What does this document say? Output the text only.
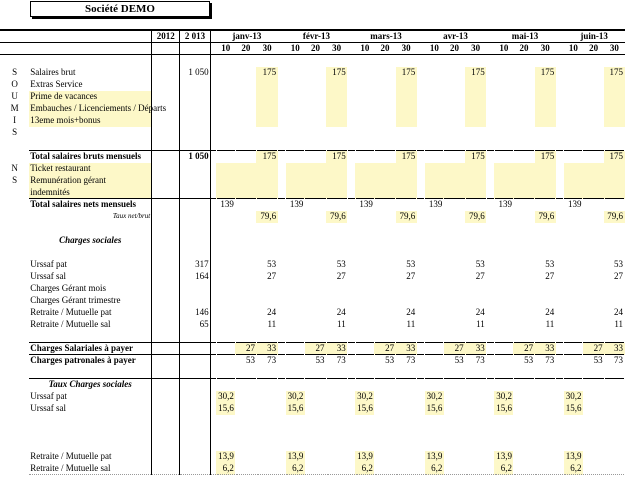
Société DEMO
		2012	2 013		janv-13				févr-13				mars-13				avr-13				mai-13				juin-13		
					10	20	30		10	20	30		10	20	30		10	20	30		10	20	30		10	20	30

S	Salaires brut		1 050				175				175				175				175				175				175
O	Extras Service																										
U	Prime de vacances																										
M	Embauches / Licenciements / Départs																										
I	13eme mois+bonus																										
S																											

	Total salaires bruts mensuels		1 050				175				175				175				175				175				175
N	Ticket restaurant																										
S	Remunération gérant																										
	indemnités																										
	Total salaires nets mensuels				139				139				139				139				139				139		
	Taux net/brut						79,6				79,6				79,6				79,6				79,6				79,6

	Charges sociales																										

	Urssaf pat		317				53				53				53				53				53				53
	Urssaf sal		164				27				27				27				27				27				27
	Charges Gérant mois																										
	Charges Gérant trimestre																										
	Retraite / Mutuelle pat		146				24				24				24				24				24				24
	Retraite / Mutuelle sal		65				11				11				11				11				11				11

	Charges Salariales à payer					27	33			27	33			27	33			27	33			27	33			27	33
	Charges patronales à payer					53	73			53	73			53	73			53	73			53	73			53	73

	Taux Charges sociales																										
	Urssaf pat				30,2				30,2				30,2				30,2				30,2				30,2		
	Urssaf sal				15,6				15,6				15,6				15,6				15,6				15,6		

	Retraite / Mutuelle pat				13,9				13,9				13,9				13,9				13,9				13,9		
	Retraite / Mutuelle sal				6,2				6,2				6,2				6,2				6,2				6,2		
